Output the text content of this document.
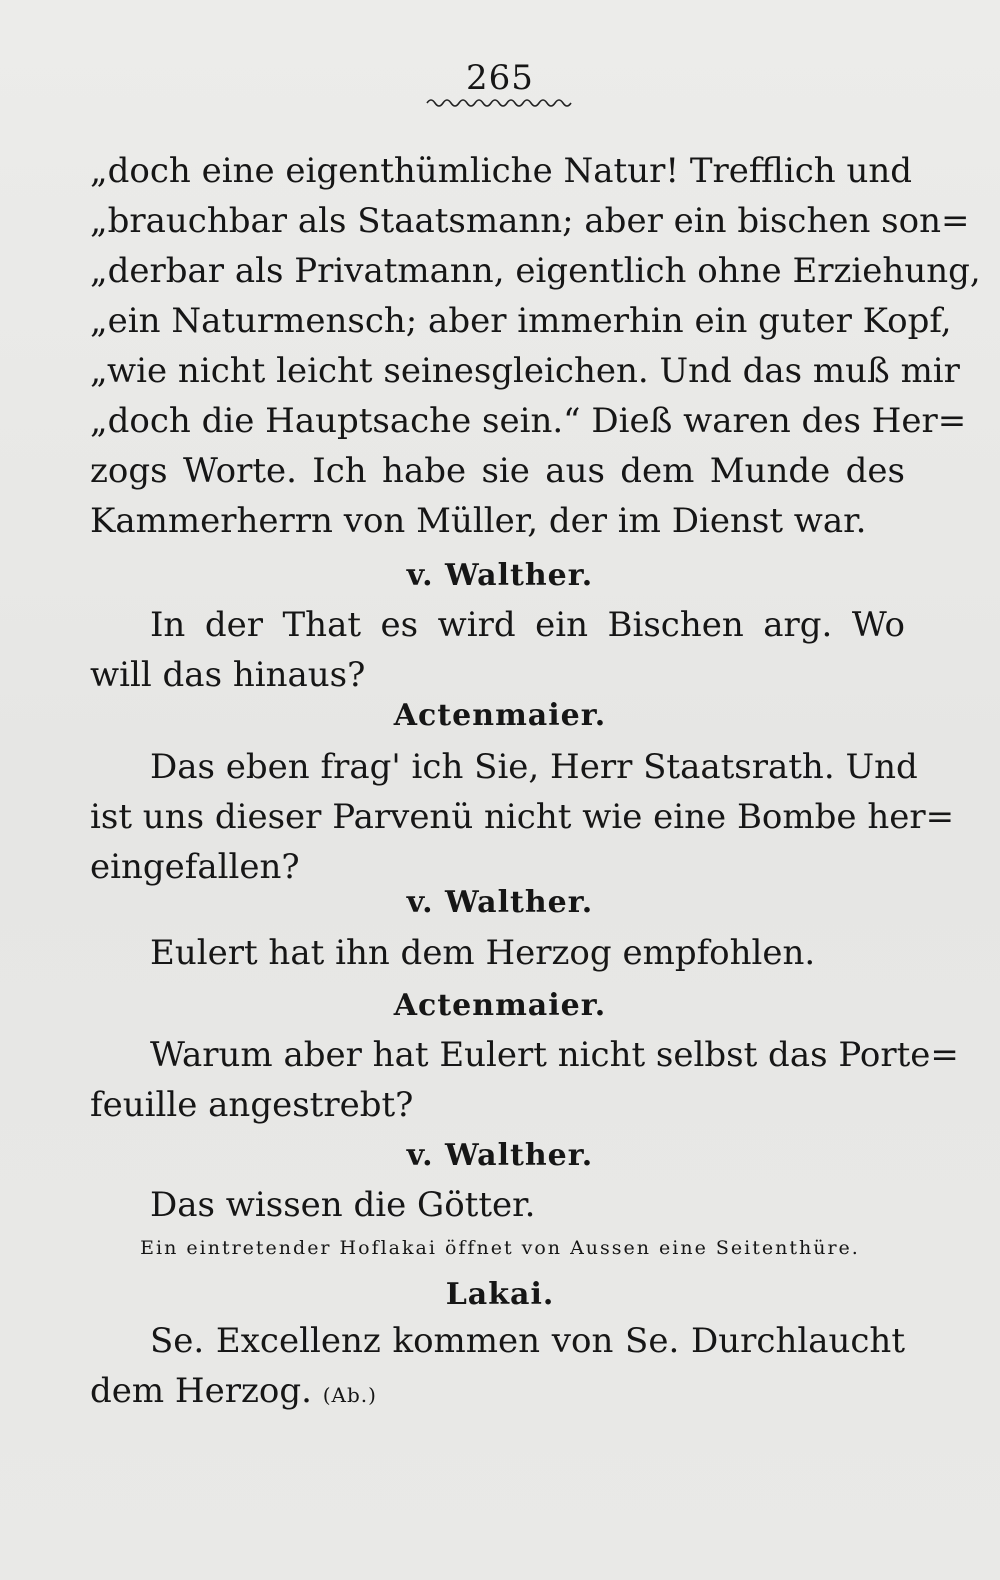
265
„doch eine eigenthümliche Natur! Trefflich und
„brauchbar als Staatsmann; aber ein bischen son=
„derbar als Privatmann, eigentlich ohne Erziehung,
„ein Naturmensch; aber immerhin ein guter Kopf,
„wie nicht leicht seinesgleichen. Und das muß mir
„doch die Hauptsache sein.“ Dieß waren des Her=
zogs Worte. Ich habe sie aus dem Munde des
Kammerherrn von Müller, der im Dienst war.
v. Walther.
In der That es wird ein Bischen arg. Wo
will das hinaus?
Actenmaier.
Das eben frag' ich Sie, Herr Staatsrath. Und
ist uns dieser Parvenü nicht wie eine Bombe her=
eingefallen?
v. Walther.
Eulert hat ihn dem Herzog empfohlen.
Actenmaier.
Warum aber hat Eulert nicht selbst das Porte=
feuille angestrebt?
v. Walther.
Das wissen die Götter.
Ein eintretender Hoflakai öffnet von Aussen eine Seitenthüre.
Lakai.
Se. Excellenz kommen von Se. Durchlaucht
dem Herzog. (Ab.)
